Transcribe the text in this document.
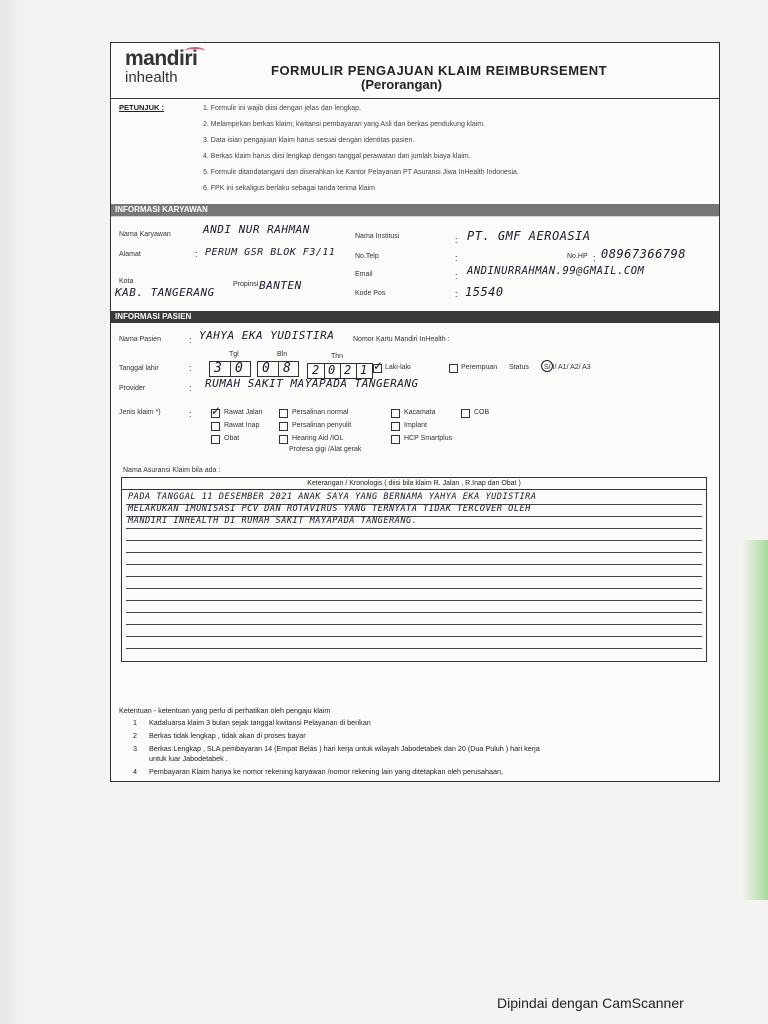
mandiri
inhealth	FORMULIR PENGAJUAN KLAIM REIMBURSEMENT
(Perorangan)
PETUNJUK :	1. Formulir ini wajib diisi dengan jelas dan lengkap.
2. Melampirkan berkas klaim; kwitansi pembayaran yang Asli dan berkas pendukung klaim.
3. Data isian pengajuan klaim harus sesuai dengan identitas pasien.
4. Berkas klaim harus diisi lengkap dengan tanggal perawatan dan jumlah biaya klaim.
5. Formulir ditandatangani dan diserahkan ke Kantor Pelayanan PT Asuransi Jiwa InHealth Indonesia.
6. FPK ini sekaligus berlaku sebagai tanda terima klaim
INFORMASI KARYAWAN
Nama Karyawan	ANDI NUR RAHMAN
Alamat	: PERUM GSR BLOK F3/11
Kota
KAB. TANGERANG
Propinsi BANTEN
Nama Institusi	: PT. GMF AEROASIA
No.Telp	:	No.HP : 08967366798
Email	: ANDINURRAHMAN.99@GMAIL.COM
Kode Pos	: 15540
INFORMASI PASIEN
Nama Pasien	: YAHYA EKA YUDISTIRA	Nomor Kartu Mandiri InHealth :
Tgl	Bln	Thn
Tanggal lahir	: 3 0 0 8 2 0 2 1 ✓ Laki-laki	Perempuan Status S/ I/ A1/ A2/ A3
Provider	: RUMAH SAKIT MAYAPADA TANGERANG
Jenis klaim *)	: ✓ Rawat Jalan
Rawat Inap
Obat
Persalinan normal
Persalinan penyulit
Hearing Aid /IOL
Protesa gigi /Alat gerak
Kacamata
Implant
HCP Smartplus
COB
Nama Asuransi Klaim bila ada :
Keterangan / Kronologis ( diisi bila klaim R. Jalan , R.Inap dan Obat )
PADA TANGGAL 11 DESEMBER 2021 ANAK SAYA YANG BERNAMA YAHYA EKA YUDISTIRA
MELAKUKAN IMUNISASI PCV DAN ROTAVIRUS YANG TERNYATA TIDAK TERCOVER OLEH
MANDIRI INHEALTH DI RUMAH SAKIT MAYAPADA TANGERANG.
Ketentuan - ketentuan yang perlu di perhatikan oleh pengaju klaim
1 Kadaluarsa klaim 3 bulan sejak tanggal kwitansi Pelayanan di berikan
2 Berkas tidak lengkap , tidak akan di proses bayar
3 Berkas Lengkap , SLA pembayaran 14 (Empat Belas ) hari kerja untuk wilayah Jabodetabek dan 20 (Dua Puluh ) hari kerja
untuk luar Jabodetabek .
4 Pembayaran Klaim hanya ke nomor rekening karyawan /nomor rekening lain yang ditetapkan oleh perusahaan,
Dipindai dengan CamScanner
